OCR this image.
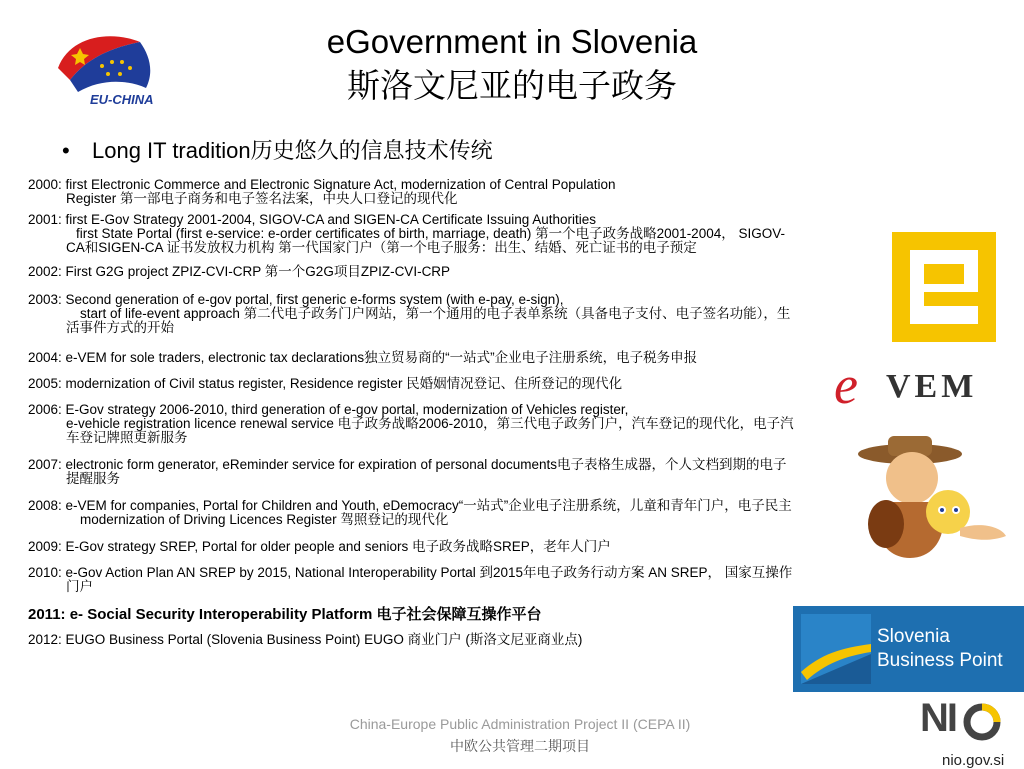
EU-CHINA
eGovernment in Slovenia
斯洛文尼亚的电子政务
• Long IT tradition历史悠久的信息技术传统

2000: first Electronic Commerce and Electronic Signature Act, modernization of Central Population
Register 第一部电子商务和电子签名法案，中央人口登记的现代化

2001: first E-Gov Strategy 2001-2004, SIGOV-CA and SIGEN-CA Certificate Issuing Authorities
first State Portal (first e-service: e-order certificates of birth, marriage, death) 第一个电子政务战略2001-2004， SIGOV-CA和SIGEN-CA 证书发放权力机构 第一代国家门户（第一个电子服务：出生、结婚、死亡证书的电子预定

2002: First G2G project ZPIZ-CVI-CRP 第一个G2G项目ZPIZ-CVI-CRP

2003: Second generation of e-gov portal, first generic e-forms system (with e-pay, e-sign),
start of life-event approach 第二代电子政务门户网站，第一个通用的电子表单系统（具备电子支付、电子签名功能），生活事件方式的开始

2004: e-VEM for sole traders, electronic tax declarations独立贸易商的“一站式”企业电子注册系统，电子税务申报

2005: modernization of Civil status register, Residence register 民婚姻情况登记、住所登记的现代化

2006: E-Gov strategy 2006-2010, third generation of e-gov portal, modernization of Vehicles register,
e-vehicle registration licence renewal service 电子政务战略2006-2010，第三代电子政务门户，汽车登记的现代化，电子汽车登记牌照更新服务

2007: electronic form generator, eReminder service for expiration of personal documents电子表格生成器，个人文档到期的电子提醒服务

2008: e-VEM for companies, Portal for Children and Youth, eDemocracy“一站式”企业电子注册系统，儿童和青年门户，电子民主
modernization of Driving Licences Register 驾照登记的现代化

2009: E-Gov strategy SREP, Portal for older people and seniors 电子政务战略SREP，老年人门户

2010: e-Gov Action Plan AN SREP by 2015, National Interoperability Portal 到2015年电子政务行动方案 AN SREP， 国家互操作门户

2011: e- Social Security Interoperability Platform 电子社会保障互操作平台

2012: EUGO Business Portal (Slovenia Business Point) EUGO 商业门户 (斯洛文尼亚商业点)

e VEM
Slovenia
Business Point
NI
nio.gov.si
China-Europe Public Administration Project II (CEPA II)
中欧公共管理二期项目
